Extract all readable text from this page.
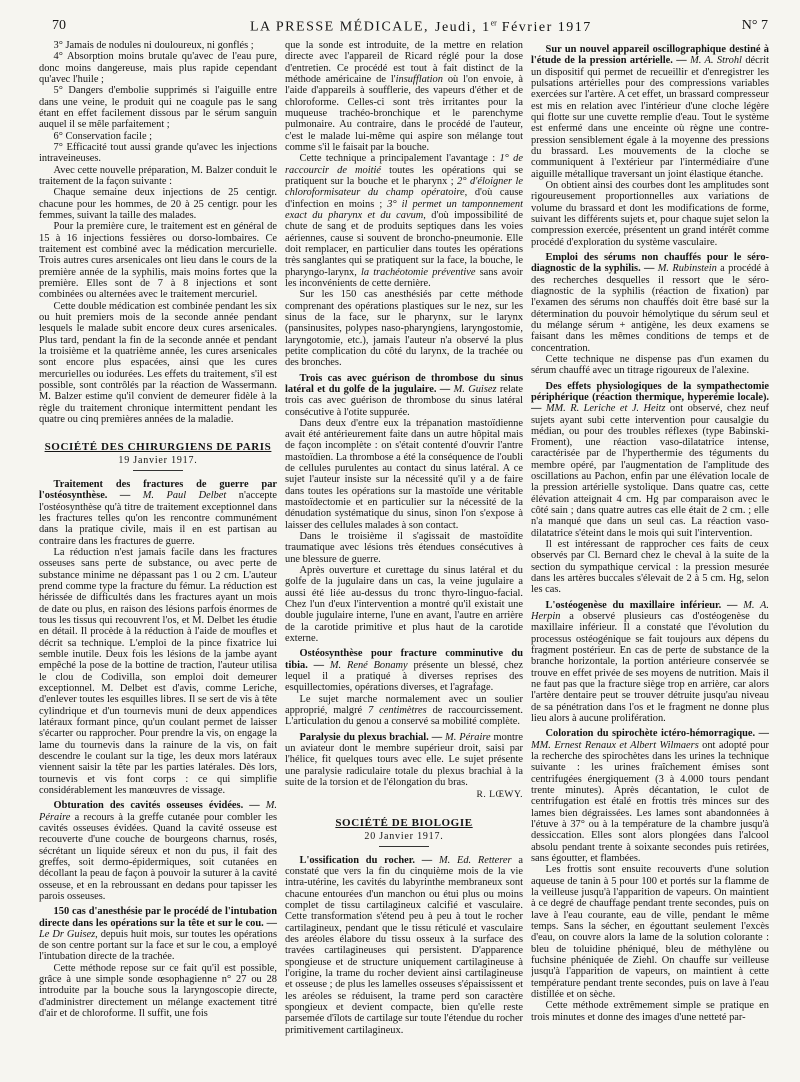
70	LA PRESSE MÉDICALE, Jeudi, 1er Février 1917	N° 7

3° Jamais de nodules ni douloureux, ni gonflés ;

4° Absorption moins brutale qu'avec de l'eau pure, donc moins dangereuse, mais plus rapide cependant qu'avec l'huile ;

5° Dangers d'embolie supprimés si l'aiguille entre dans une veine, le produit qui ne coagule pas le sang étant en effet facilement dissous par le sérum sanguin auquel il se mêle parfaitement ;

6° Conservation facile ;

7° Efficacité tout aussi grande qu'avec les injections intraveineuses.

Avec cette nouvelle préparation, M. Balzer conduit le traitement de la façon suivante :

Chaque semaine deux injections de 25 centigr. chacune pour les hommes, de 20 à 25 centigr. pour les femmes, suivant la taille des malades.

Pour la première cure, le traitement est en général de 15 à 16 injections fessières ou dorso-lombaires. Ce traitement est combiné avec la médication mercurielle. Trois autres cures arsenicales ont lieu dans le cours de la première année de la syphilis, mais moins fortes que la première. Elles sont de 7 à 8 injections et sont combinées ou alternées avec le traitement mercuriel.

Cette double médication est combinée pendant les six ou huit premiers mois de la seconde année pendant lesquels le malade subit encore deux cures arsenicales. Plus tard, pendant la fin de la seconde année et pendant la troisième et la quatrième année, les cures arsenicales sont encore plus espacées, ainsi que les cures mercurielles ou iodurées. Les effets du traitement, s'il est possible, sont contrôlés par la réaction de Wassermann. M. Balzer estime qu'il convient de demeurer fidèle à la règle du traitement chronique intermittent pendant les quatre ou cinq premières années de la maladie.

SOCIÉTÉ DES CHIRURGIENS DE PARIS
19 Janvier 1917.

Traitement des fractures de guerre par l'ostéosynthèse. — M. Paul Delbet n'accepte l'ostéosynthèse qu'à titre de traitement exceptionnel dans les fractures telles qu'on les rencontre communément dans la pratique civile, mais il en est partisan au contraire dans les fractures de guerre.

La réduction n'est jamais facile dans les fractures osseuses sans perte de substance, ou avec perte de substance minime ne dépassant pas 1 ou 2 cm. L'auteur prend comme type la fracture du fémur. La réduction est hérissée de difficultés dans les fractures ayant un mois de date ou plus, en raison des lésions parfois énormes de tous les tissus qui recouvrent l'os, et M. Delbet les étudie en détail. Il procède à la réduction à l'aide de moufles et décrit sa technique. L'emploi de la pince fixatrice lui semble inutile. Deux fois les lésions de la jambe ayant empêché la pose de la bottine de traction, l'auteur utilisa le clou de Codivilla, son emploi doit demeurer exceptionnel. M. Delbet est d'avis, comme Leriche, d'enlever toutes les esquilles libres. Il se sert de vis à tête cylindrique et d'un tournevis muni de deux appendices latéraux formant pince, qu'un coulant permet de laisser s'écarter ou rapprocher. Pour prendre la vis, on engage la lame du tournevis dans la rainure de la vis, on fait descendre le coulant sur la tige, les deux mors latéraux viennent saisir la tête par les parties latérales. Dès lors, tournevis et vis font corps : ce qui simplifie considérablement les manœuvres de vissage.

Obturation des cavités osseuses évidées. — M. Péraire a recours à la greffe cutanée pour combler les cavités osseuses évidées. Quand la cavité osseuse est recouverte d'une couche de bourgeons charnus, rosés, sécrétant un liquide séreux et non du pus, il fait des greffes, soit dermo-épidermiques, soit cutanées en décollant la peau de façon à pouvoir la suturer à la cavité osseuse, et en la rebroussant en dedans pour tapisser les parois osseuses.

150 cas d'anesthésie par le procédé de l'intubation directe dans les opérations sur la tête et sur le cou. — Le Dr Guisez, depuis huit mois, sur toutes les opérations de son centre portant sur la face et sur le cou, a employé l'intubation directe de la trachée.

Cette méthode repose sur ce fait qu'il est possible, grâce à une simple sonde œsophagienne n° 27 ou 28 introduite par la bouche sous la laryngoscopie directe, d'administrer directement un mélange exactement titré d'air et de chloroforme. Il suffit, une fois

que la sonde est introduite, de la mettre en relation directe avec l'appareil de Ricard réglé pour la dose d'entretien. Ce procédé est tout à fait distinct de la méthode américaine de l'insufflation où l'on envoie, à l'aide d'appareils à soufflerie, des vapeurs d'éther et de chloroforme. Celles-ci sont très irritantes pour la muqueuse trachéo-bronchique et le parenchyme pulmonaire. Au contraire, dans le procédé de l'auteur, c'est le malade lui-même qui aspire son mélange tout comme s'il le faisait par la bouche.

Cette technique a principalement l'avantage : 1° de raccourcir de moitié toutes les opérations qui se pratiquent sur la bouche et le pharynx ; 2° d'éloigner le chloroformisateur du champ opératoire, d'où cause d'infection en moins ; 3° il permet un tamponnement exact du pharynx et du cavum, d'où impossibilité de chute de sang et de produits septiques dans les voies aériennes, cause si souvent de broncho-pneumonie. Elle doit remplacer, en particulier dans toutes les opérations très sanglantes qui se pratiquent sur la face, la bouche, le pharyngo-larynx, la trachéotomie préventive sans avoir les inconvénients de cette dernière.

Sur les 150 cas anesthésiés par cette méthode comprenant des opérations plastiques sur le nez, sur les sinus de la face, sur le pharynx, sur le larynx (pansinusites, polypes naso-pharyngiens, laryngostomie, laryngotomie, etc.), jamais l'auteur n'a observé la plus petite complication du côté du larynx, de la trachée ou des bronches.

Trois cas avec guérison de thrombose du sinus latéral et du golfe de la jugulaire. — M. Guisez relate trois cas avec guérison de thrombose du sinus latéral consécutive à l'otite suppurée.

Dans deux d'entre eux la trépanation mastoïdienne avait été antérieurement faite dans un autre hôpital mais de façon incomplète : on s'était contenté d'ouvrir l'antre mastoïdien. La thrombose a été la conséquence de l'oubli de cellules purulentes au contact du sinus latéral. A ce sujet l'auteur insiste sur la nécessité qu'il y a de faire dans toutes les opérations sur la mastoïde une véritable mastoïdectomie et en particulier sur la nécessité de la dénudation systématique du sinus, sinon l'on s'expose à laisser des cellules malades à son contact.

Dans le troisième il s'agissait de mastoïdite traumatique avec lésions très étendues consécutives à une blessure de guerre.

Après ouverture et curettage du sinus latéral et du golfe de la jugulaire dans un cas, la veine jugulaire a aussi été liée au-dessus du tronc thyro-linguo-facial. Chez l'un d'eux l'intervention a montré qu'il existait une double jugulaire interne, l'une en avant, l'autre en arrière de la carotide primitive et plus haut de la carotide externe.

Ostéosynthèse pour fracture comminutive du tibia. — M. René Bonamy présente un blessé, chez lequel il a pratiqué à diverses reprises des esquillectomies, opérations diverses, et l'agrafage.

Le sujet marche normalement avec un soulier approprié, malgré 7 centimètres de raccourcissement. L'articulation du genou a conservé sa mobilité complète.

Paralysie du plexus brachial. — M. Péraire montre un aviateur dont le membre supérieur droit, saisi par l'hélice, fit quelques tours avec elle. Le sujet présente une paralysie radiculaire totale du plexus brachial à la suite de la torsion et de l'élongation du bras.

R. LŒWY.
SOCIÉTÉ DE BIOLOGIE
20 Janvier 1917.

L'ossification du rocher. — M. Ed. Retterer a constaté que vers la fin du cinquième mois de la vie intra-utérine, les cavités du labyrinthe membraneux sont chacune entourées d'un manchon ou étui plus ou moins complet de tissu cartilagineux calcifié et vasculaire. Cette transformation s'étend peu à peu à tout le rocher cartilagineux, pendant que le tissu réticulé et vasculaire des aréoles élabore du tissu osseux à la surface des travées cartilagineuses qui persistent. D'apparence spongieuse et de structure uniquement cartilagineuse à l'origine, la trame du rocher devient ainsi cartilagineuse et osseuse ; de plus les lamelles osseuses s'épaississent et les aréoles se réduisent, la trame perd son caractère spongieux et devient compacte, bien qu'elle reste parsemée d'îlots de cartilage sur toute l'étendue du rocher primitivement cartilagineux.

Sur un nouvel appareil oscillographique destiné à l'étude de la pression artérielle. — M. A. Strohl décrit un dispositif qui permet de recueillir et d'enregistrer les pulsations artérielles pour des compressions variables exercées sur l'artère. A cet effet, un brassard compresseur est mis en relation avec l'intérieur d'une cloche légère qui flotte sur une cuvette remplie d'eau. Tout le système est enfermé dans une enceinte où règne une contre-pression sensiblement égale à la moyenne des pressions du brassard. Les mouvements de la cloche se communiquent à l'extérieur par l'intermédiaire d'une aiguille métallique traversant un joint élastique étanche.

On obtient ainsi des courbes dont les amplitudes sont rigoureusement proportionnelles aux variations de volume du brassard et dont les modifications de forme, suivant les différents sujets et, pour chaque sujet selon la compression exercée, présentent un grand intérêt comme procédé d'exploration du système vasculaire.

Emploi des sérums non chauffés pour le séro-diagnostic de la syphilis. — M. Rubinstein a procédé à des recherches desquelles il ressort que le séro-diagnostic de la syphilis (réaction de fixation) par l'examen des sérums non chauffés doit être basé sur la détermination du pouvoir hémolytique du sérum seul et du mélange sérum + antigène, les deux examens se faisant dans les mêmes conditions de temps et de concentration.

Cette technique ne dispense pas d'un examen du sérum chauffé avec un titrage rigoureux de l'alexine.

Des effets physiologiques de la sympathectomie périphérique (réaction thermique, hyperémie locale). — MM. R. Leriche et J. Heitz ont observé, chez neuf sujets ayant subi cette intervention pour causalgie du médian, ou pour des troubles réflexes (type Babinski-Froment), une réaction vaso-dilatatrice intense, caractérisée par de l'hyperthermie des téguments du membre opéré, par l'augmentation de l'amplitude des oscillations au Pachon, enfin par une élévation locale de la pression artérielle systolique. Dans quatre cas, cette élévation atteignait 4 cm. Hg par comparaison avec le côté sain ; dans quatre autres cas elle était de 2 cm. ; elle n'a manqué que dans un seul cas. La réaction vaso-dilatatrice s'éteint dans le mois qui suit l'intervention.

Il est intéressant de rapprocher ces faits de ceux observés par Cl. Bernard chez le cheval à la suite de la section du sympathique cervical : la pression mesurée dans les artères buccales s'élevait de 2 à 5 cm. Hg, selon les cas.

L'ostéogenèse du maxillaire inférieur. — M. A. Herpin a observé plusieurs cas d'ostéogenèse du maxillaire inférieur. Il a constaté que l'évolution du processus ostéogénique se fait toujours aux dépens du fragment postérieur. En cas de perte de substance de la branche horizontale, la portion antérieure conservée se trouve en effet privée de ses moyens de nutrition. Mais il ne faut pas que la fracture siège trop en arrière, car alors l'artère dentaire peut se trouver détruite jusqu'au niveau de sa pénétration dans l'os et le fragment ne donne plus lieu alors à aucune prolifération.

Coloration du spirochète ictéro-hémorragique. — MM. Ernest Renaux et Albert Wilmaers ont adopté pour la recherche des spirochètes dans les urines la technique suivante : les urines fraîchement émises sont centrifugées énergiquement (3 à 4.000 tours pendant trente minutes). Après décantation, le culot de centrifugation est étalé en frottis très minces sur des lames bien dégraissées. Les lames sont abandonnées à l'étuve à 37° ou à la température de la chambre jusqu'à dessiccation. Elles sont alors plongées dans l'alcool absolu pendant trente à soixante secondes puis retirées, sans égoutter, et flambées.

Les frottis sont ensuite recouverts d'une solution aqueuse de tanin à 5 pour 100 et portés sur la flamme de la veilleuse jusqu'à l'apparition de vapeurs. On maintient à ce degré de chauffage pendant trente secondes, puis on lave à l'eau courante, eau de ville, pendant le même temps. Sans la sécher, en égouttant seulement l'excès d'eau, on couvre alors la lame de la solution colorante : bleu de toluidine phéniqué, bleu de méthylène ou fuchsine phéniquée de Ziehl. On chauffe sur veilleuse jusqu'à l'apparition de vapeurs, on maintient à cette température pendant trente secondes, puis on lave à l'eau distillée et on sèche.

Cette méthode extrêmement simple se pratique en trois minutes et donne des images d'une netteté par-
